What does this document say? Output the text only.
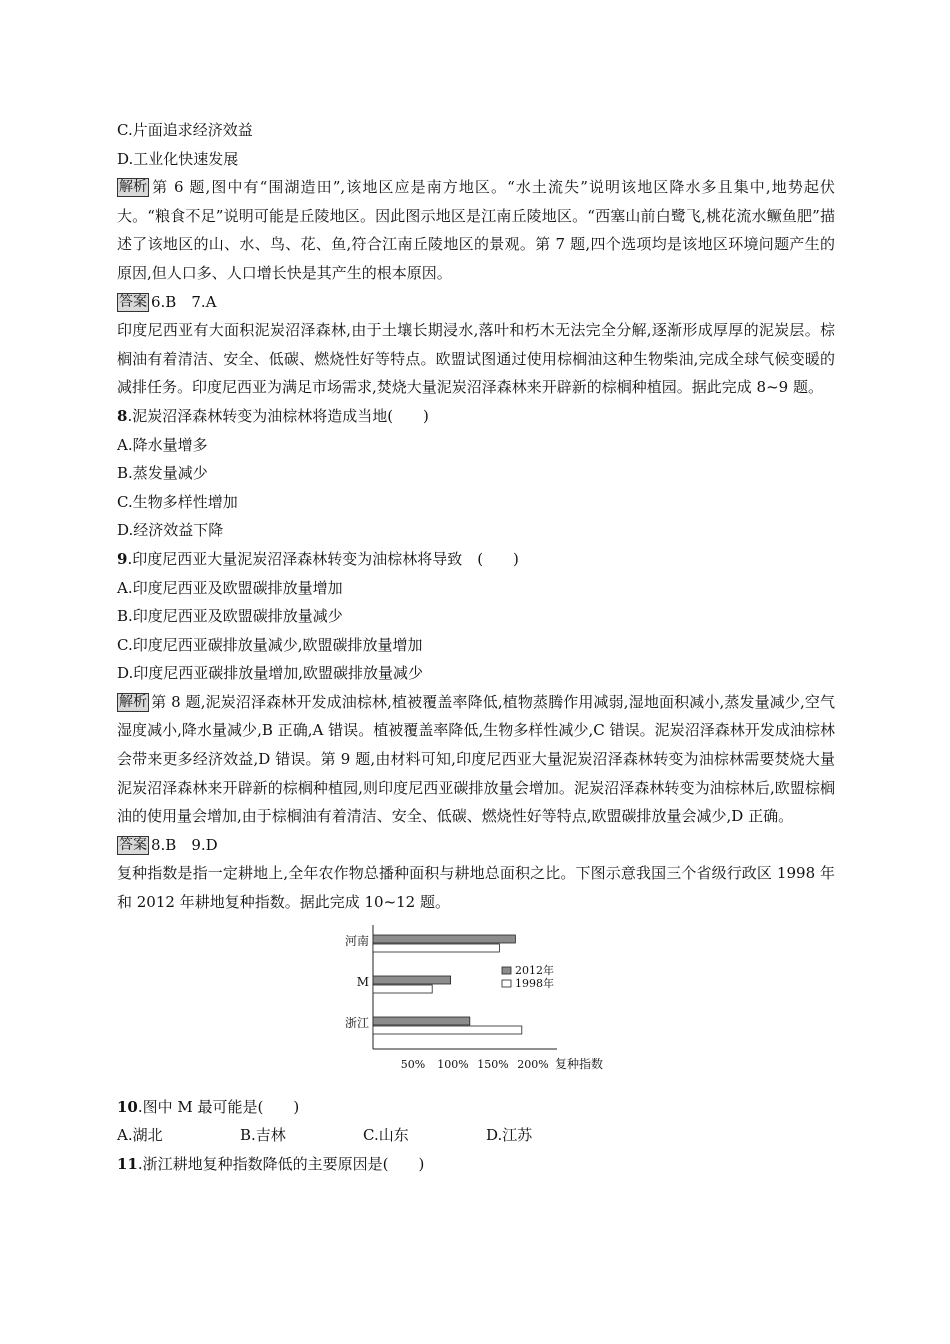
C.片面追求经济效益
D.工业化快速发展
解析 第 6 题,图中有“围湖造田”,该地区应是南方地区。“水土流失”说明该地区降水多且集中,地势起伏大。“粮食不足”说明可能是丘陵地区。因此图示地区是江南丘陵地区。“西塞山前白鹭飞,桃花流水鳜鱼肥”描述了该地区的山、水、鸟、花、鱼,符合江南丘陵地区的景观。第 7 题,四个选项均是该地区环境问题产生的原因,但人口多、人口增长快是其产生的根本原因。
答案 6.B　7.A
印度尼西亚有大面积泥炭沼泽森林,由于土壤长期浸水,落叶和朽木无法完全分解,逐渐形成厚厚的泥炭层。棕榈油有着清洁、安全、低碳、燃烧性好等特点。欧盟试图通过使用棕榈油这种生物柴油,完成全球气候变暖的减排任务。印度尼西亚为满足市场需求,焚烧大量泥炭沼泽森林来开辟新的棕榈种植园。据此完成 8~9 题。
8.泥炭沼泽森林转变为油棕林将造成当地(　　)
A.降水量增多
B.蒸发量减少
C.生物多样性增加
D.经济效益下降
9.印度尼西亚大量泥炭沼泽森林转变为油棕林将导致　(　　)
A.印度尼西亚及欧盟碳排放量增加
B.印度尼西亚及欧盟碳排放量减少
C.印度尼西亚碳排放量减少,欧盟碳排放量增加
D.印度尼西亚碳排放量增加,欧盟碳排放量减少
解析 第 8 题,泥炭沼泽森林开发成油棕林,植被覆盖率降低,植物蒸腾作用减弱,湿地面积减小,蒸发量减少,空气湿度减小,降水量减少,B 正确,A 错误。植被覆盖率降低,生物多样性减少,C 错误。泥炭沼泽森林开发成油棕林会带来更多经济效益,D 错误。第 9 题,由材料可知,印度尼西亚大量泥炭沼泽森林转变为油棕林需要焚烧大量泥炭沼泽森林来开辟新的棕榈种植园,则印度尼西亚碳排放量会增加。泥炭沼泽森林转变为油棕林后,欧盟棕榈油的使用量会增加,由于棕榈油有着清洁、安全、低碳、燃烧性好等特点,欧盟碳排放量会减少,D 正确。
答案 8.B　9.D
复种指数是指一定耕地上,全年农作物总播种面积与耕地总面积之比。下图示意我国三个省级行政区 1998 年和 2012 年耕地复种指数。据此完成 10~12 题。
河南
M
浙江
50% 100% 150% 200% 复种指数
2012年
1998年
10.图中 M 最可能是(　　)
A.湖北	B.吉林	C.山东	D.江苏
11.浙江耕地复种指数降低的主要原因是(　　)
